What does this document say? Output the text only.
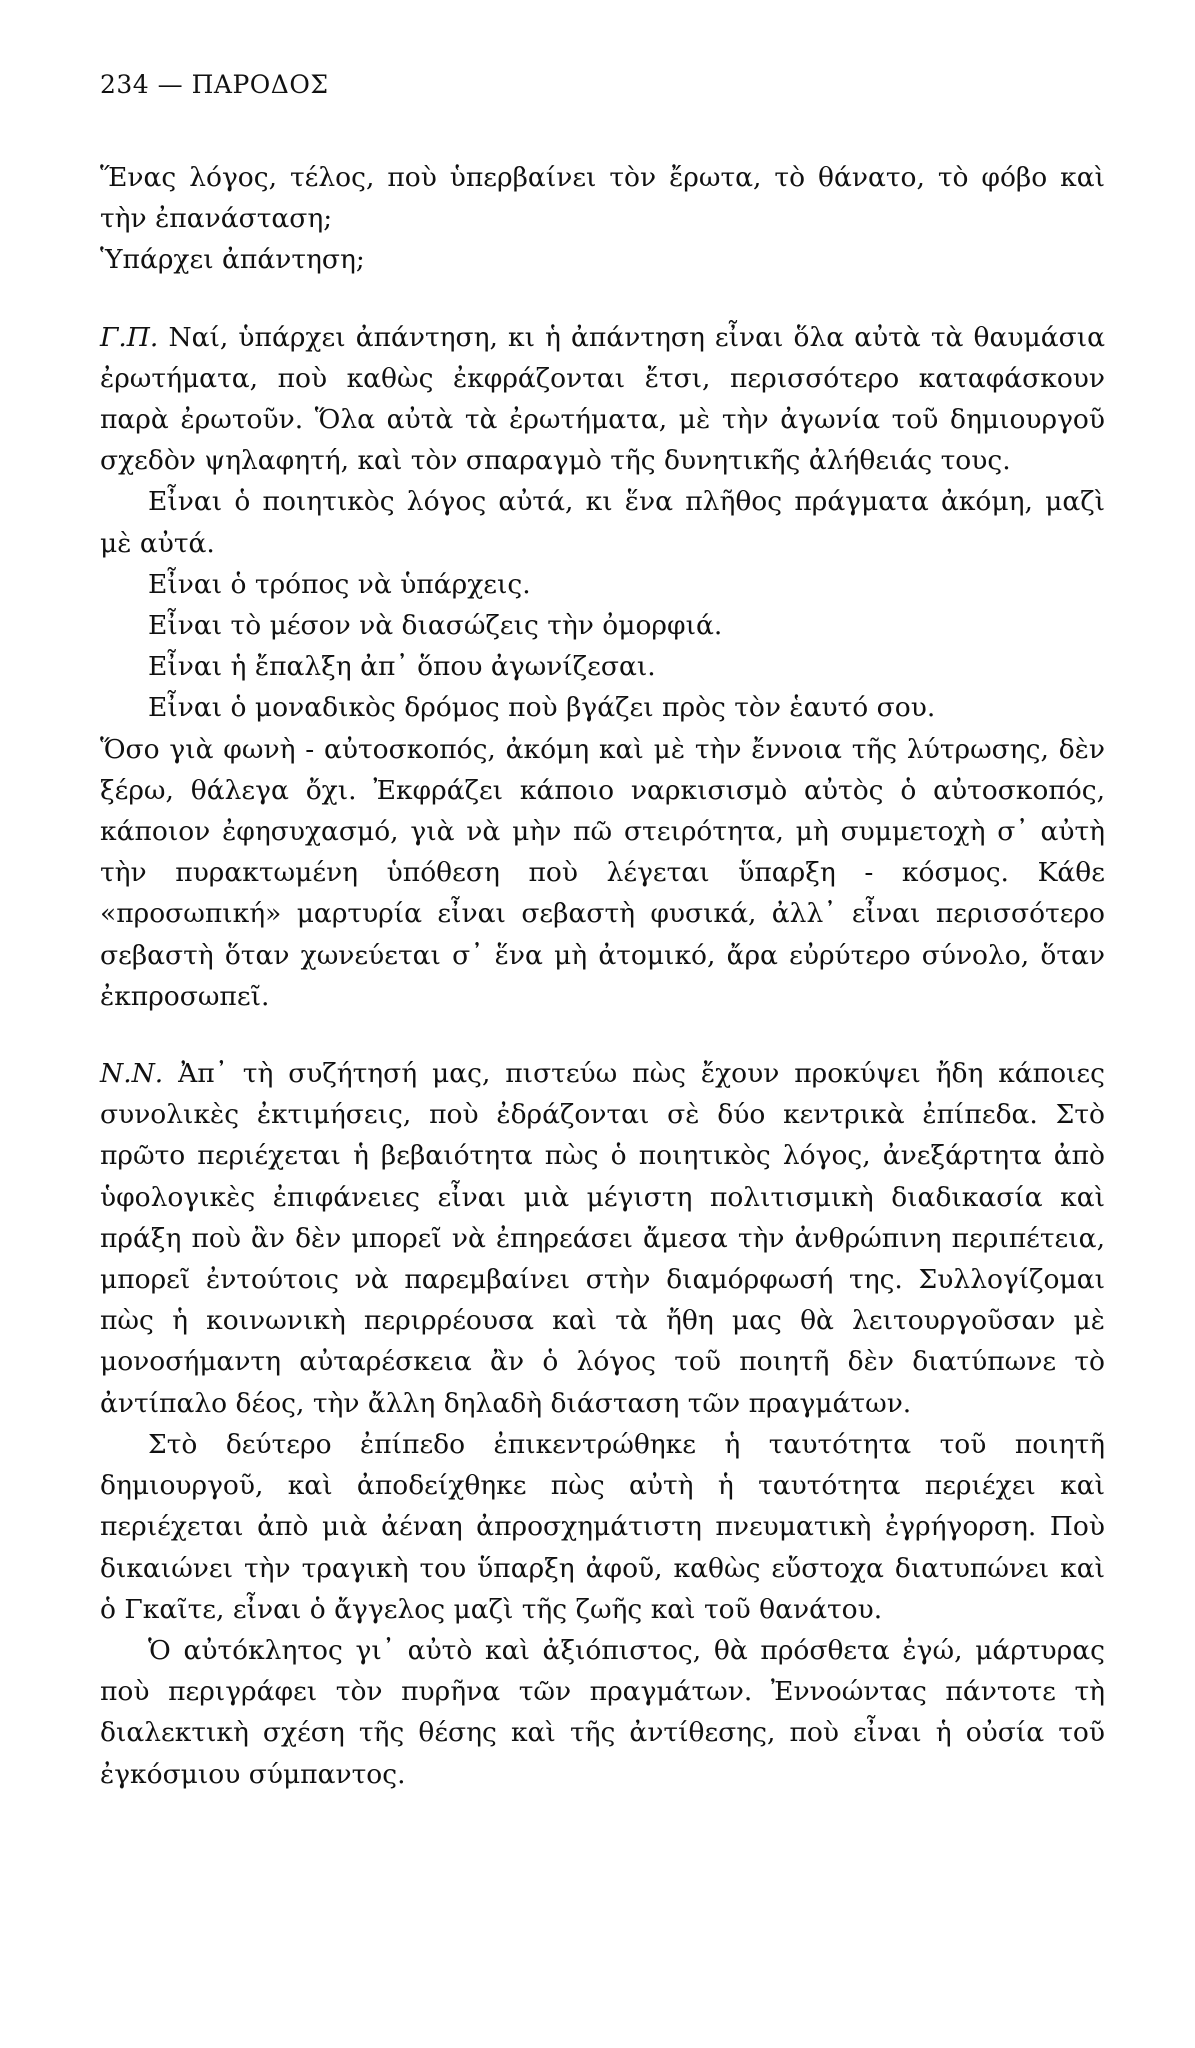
234 — ΠΑΡΟΔΟΣ

Ἕνας λόγος, τέλος, ποὺ ὑπερβαίνει τὸν ἔρωτα, τὸ θάνατο, τὸ φόβο καὶ τὴν ἐπανάσταση;

Ὑπάρχει ἀπάντηση;

Γ.Π. Ναί, ὑπάρχει ἀπάντηση, κι ἡ ἀπάντηση εἶναι ὅλα αὐτὰ τὰ θαυμάσια ἐρωτήματα, ποὺ καθὼς ἐκφράζονται ἔτσι, περισσότερο καταφάσκουν παρὰ ἐρωτοῦν. Ὅλα αὐτὰ τὰ ἐρωτήματα, μὲ τὴν ἀγωνία τοῦ δημιουργοῦ σχεδὸν ψηλαφητή, καὶ τὸν σπαραγμὸ τῆς δυνητικῆς ἀλήθειάς τους.

Εἶναι ὁ ποιητικὸς λόγος αὐτά, κι ἕνα πλῆθος πράγματα ἀκόμη, μαζὶ μὲ αὐτά.

Εἶναι ὁ τρόπος νὰ ὑπάρχεις.

Εἶναι τὸ μέσον νὰ διασώζεις τὴν ὀμορφιά.

Εἶναι ἡ ἔπαλξη ἀπ᾽ ὅπου ἀγωνίζεσαι.

Εἶναι ὁ μοναδικὸς δρόμος ποὺ βγάζει πρὸς τὸν ἑαυτό σου.

Ὅσο γιὰ φωνὴ - αὐτοσκοπός, ἀκόμη καὶ μὲ τὴν ἔννοια τῆς λύτρωσης, δὲν ξέρω, θάλεγα ὄχι. Ἐκφράζει κάποιο ναρκισισμὸ αὐτὸς ὁ αὐτοσκοπός, κάποιον ἐφησυχασμό, γιὰ νὰ μὴν πῶ στειρότητα, μὴ συμμετοχὴ σ᾽ αὐτὴ τὴν πυρακτωμένη ὑπόθεση ποὺ λέγεται ὕπαρξη - κόσμος. Κάθε «προσωπική» μαρτυρία εἶναι σεβαστὴ φυσικά, ἀλλ᾽ εἶναι περισσότερο σεβαστὴ ὅταν χωνεύεται σ᾽ ἕνα μὴ ἀτομικό, ἄρα εὐρύτερο σύνολο, ὅταν ἐκπροσωπεῖ.

Ν.Ν. Ἀπ᾽ τὴ συζήτησή μας, πιστεύω πὼς ἔχουν προκύψει ἤδη κάποιες συνολικὲς ἐκτιμήσεις, ποὺ ἐδράζονται σὲ δύο κεντρικὰ ἐπίπεδα. Στὸ πρῶτο περιέχεται ἡ βεβαιότητα πὼς ὁ ποιητικὸς λόγος, ἀνεξάρτητα ἀπὸ ὑφολογικὲς ἐπιφάνειες εἶναι μιὰ μέγιστη πολιτισμικὴ διαδικασία καὶ πράξη ποὺ ἂν δὲν μπορεῖ νὰ ἐπηρεάσει ἄμεσα τὴν ἀνθρώπινη περιπέτεια, μπορεῖ ἐντούτοις νὰ παρεμβαίνει στὴν διαμόρφωσή της. Συλλογίζομαι πὼς ἡ κοινωνικὴ περιρρέουσα καὶ τὰ ἤθη μας θὰ λειτουργοῦσαν μὲ μονοσήμαντη αὐταρέσκεια ἂν ὁ λόγος τοῦ ποιητῆ δὲν διατύπωνε τὸ ἀντίπαλο δέος, τὴν ἄλλη δηλαδὴ διάσταση τῶν πραγμάτων.

Στὸ δεύτερο ἐπίπεδο ἐπικεντρώθηκε ἡ ταυτότητα τοῦ ποιητῆ δημιουργοῦ, καὶ ἀποδείχθηκε πὼς αὐτὴ ἡ ταυτότητα περιέχει καὶ περιέχεται ἀπὸ μιὰ ἀέναη ἀπροσχημάτιστη πνευματικὴ ἐγρήγορση. Ποὺ δικαιώνει τὴν τραγικὴ του ὕπαρξη ἀφοῦ, καθὼς εὔστοχα διατυπώνει καὶ ὁ Γκαῖτε, εἶναι ὁ ἄγγελος μαζὶ τῆς ζωῆς καὶ τοῦ θανάτου.

Ὁ αὐτόκλητος γι᾽ αὐτὸ καὶ ἀξιόπιστος, θὰ πρόσθετα ἐγώ, μάρτυρας ποὺ περιγράφει τὸν πυρῆνα τῶν πραγμάτων. Ἐννοώντας πάντοτε τὴ διαλεκτικὴ σχέση τῆς θέσης καὶ τῆς ἀντίθεσης, ποὺ εἶναι ἡ οὐσία τοῦ ἐγκόσμιου σύμπαντος.
